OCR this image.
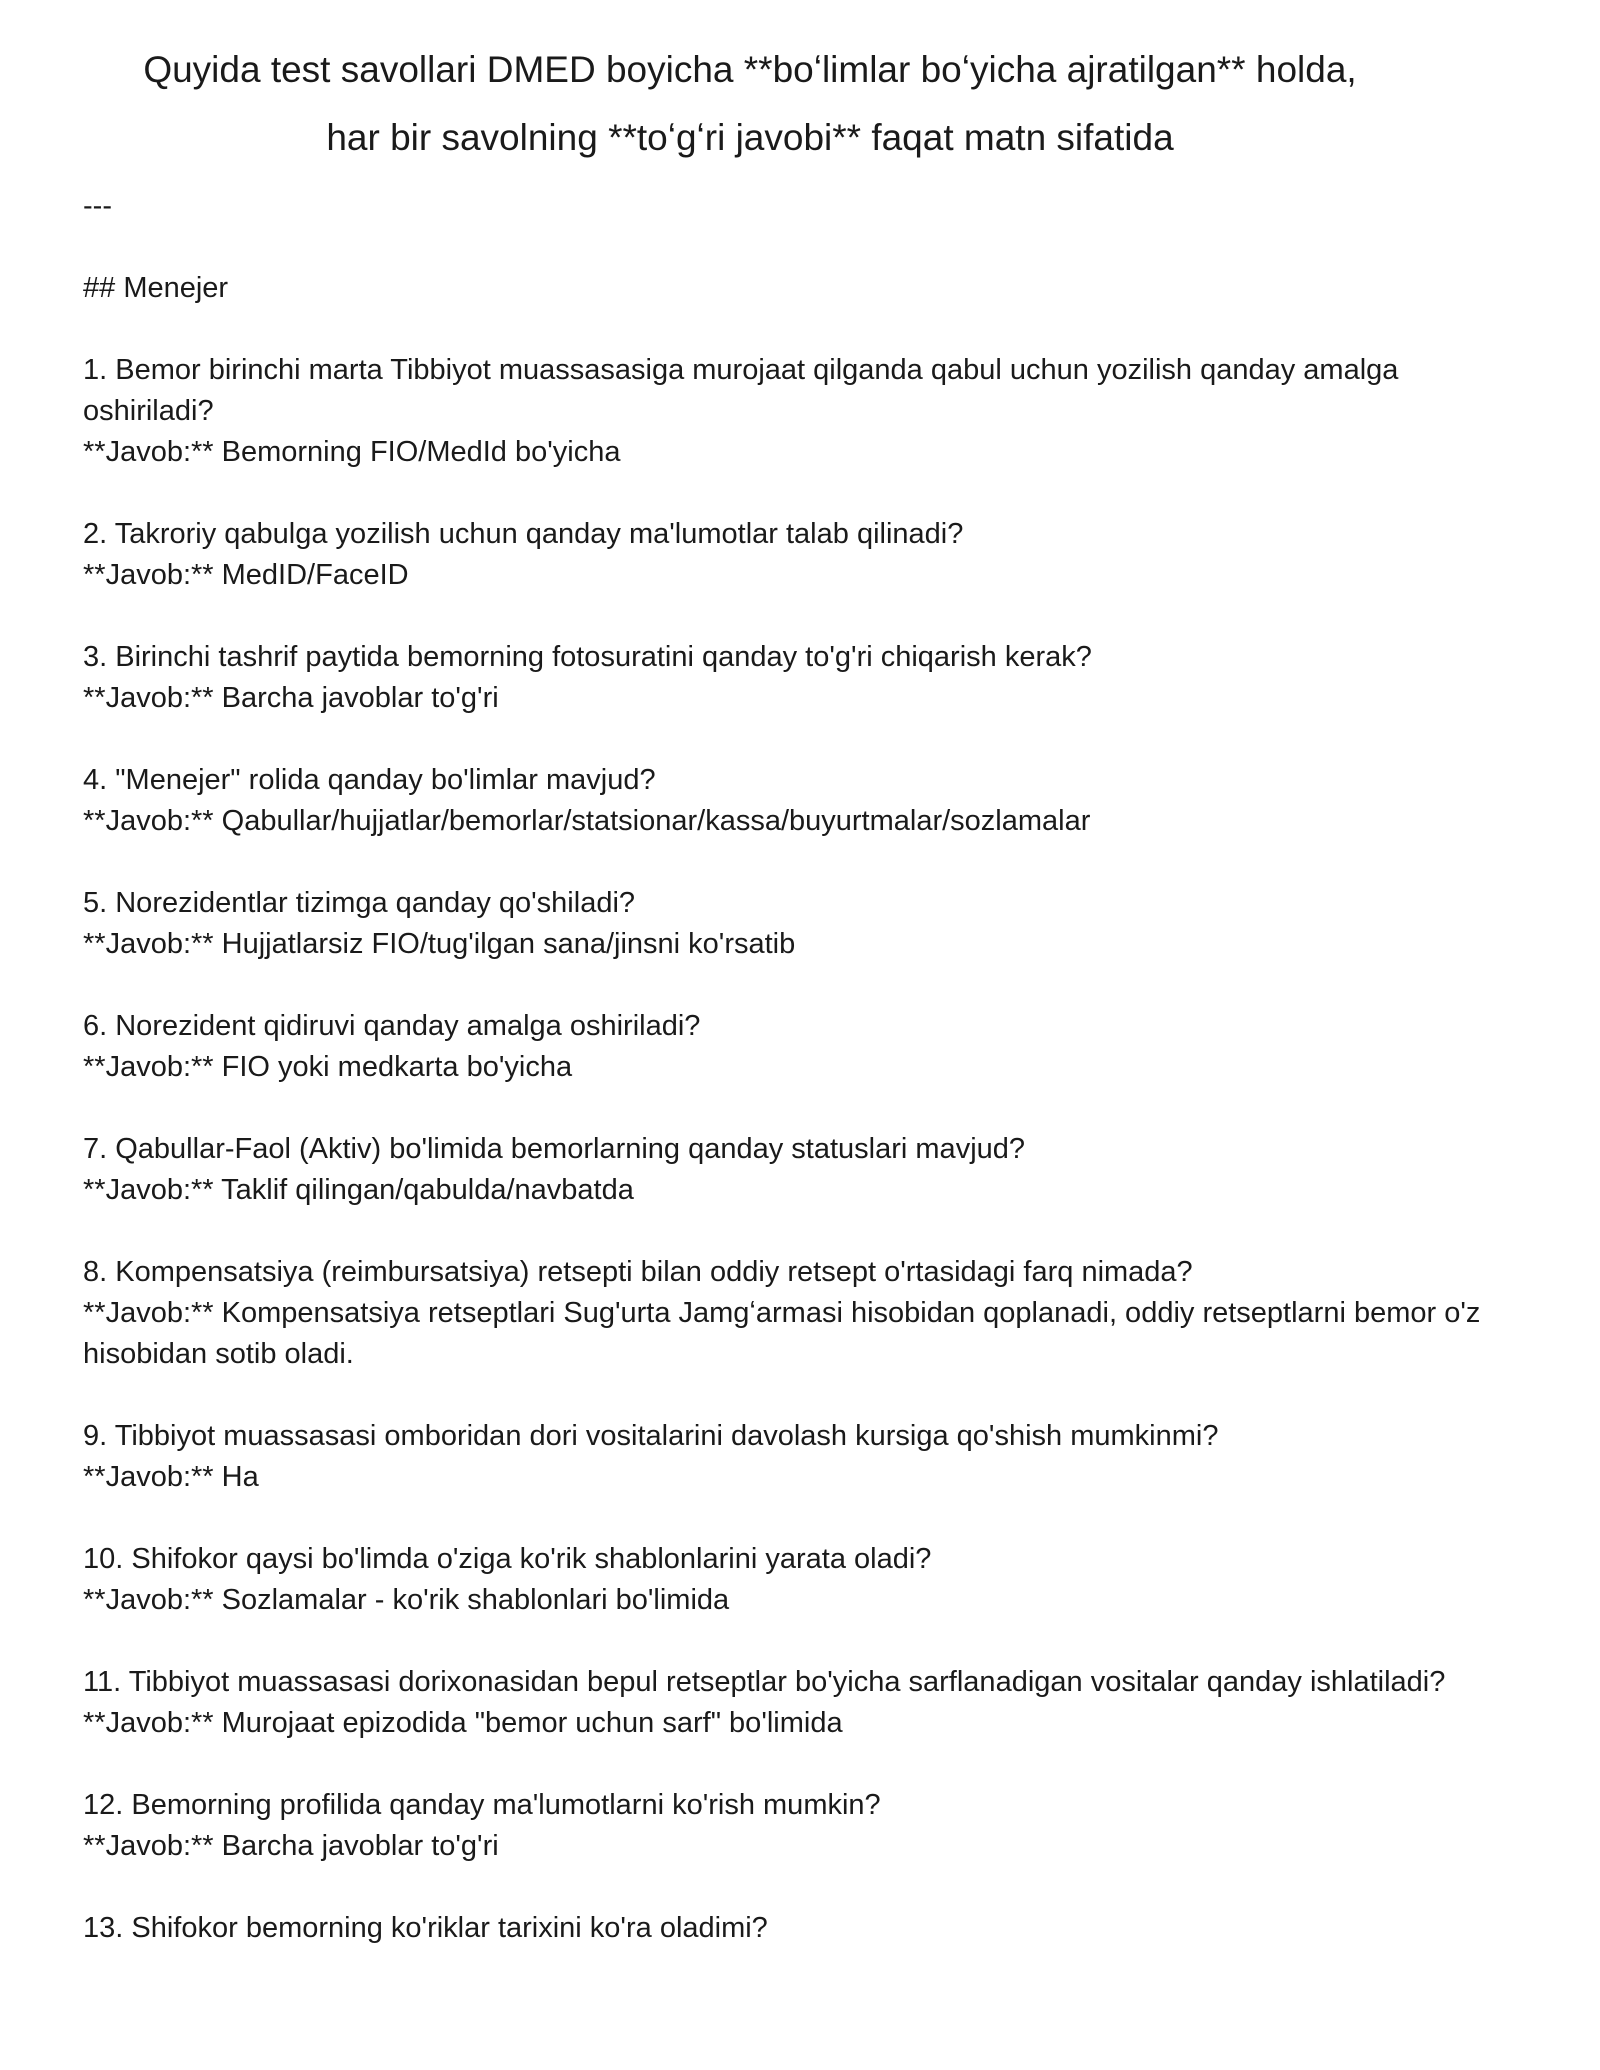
Quyida test savollari DMED boyicha **boʻlimlar boʻyicha ajratilgan** holda,
har bir savolning **toʻgʻri javobi** faqat matn sifatida
---
## Menejer

1. Bemor birinchi marta Tibbiyot muassasasiga murojaat qilganda qabul uchun yozilish qanday amalga oshiriladi?

**Javob:** Bemorning FIO/MedId bo'yicha

2. Takroriy qabulga yozilish uchun qanday ma'lumotlar talab qilinadi?

**Javob:** MedID/FaceID

3. Birinchi tashrif paytida bemorning fotosuratini qanday to'g'ri chiqarish kerak?

**Javob:** Barcha javoblar to'g'ri

4. "Menejer" rolida qanday bo'limlar mavjud?

**Javob:** Qabullar/hujjatlar/bemorlar/statsionar/kassa/buyurtmalar/sozlamalar

5. Norezidentlar tizimga qanday qo'shiladi?

**Javob:** Hujjatlarsiz FIO/tug'ilgan sana/jinsni ko'rsatib

6. Norezident qidiruvi qanday amalga oshiriladi?

**Javob:** FIO yoki medkarta bo'yicha

7. Qabullar-Faol (Aktiv) bo'limida bemorlarning qanday statuslari mavjud?

**Javob:** Taklif qilingan/qabulda/navbatda

8. Kompensatsiya (reimbursatsiya) retsepti bilan oddiy retsept o'rtasidagi farq nimada?

**Javob:** Kompensatsiya retseptlari Sug'urta Jamgʻarmasi hisobidan qoplanadi, oddiy retseptlarni bemor o'z hisobidan sotib oladi.

9. Tibbiyot muassasasi omboridan dori vositalarini davolash kursiga qo'shish mumkinmi?

**Javob:** Ha

10. Shifokor qaysi bo'limda o'ziga ko'rik shablonlarini yarata oladi?

**Javob:** Sozlamalar - ko'rik shablonlari bo'limida

11. Tibbiyot muassasasi dorixonasidan bepul retseptlar bo'yicha sarflanadigan vositalar qanday ishlatiladi?

**Javob:** Murojaat epizodida "bemor uchun sarf" bo'limida

12. Bemorning profilida qanday ma'lumotlarni ko'rish mumkin?

**Javob:** Barcha javoblar to'g'ri

13. Shifokor bemorning ko'riklar tarixini ko'ra oladimi?
